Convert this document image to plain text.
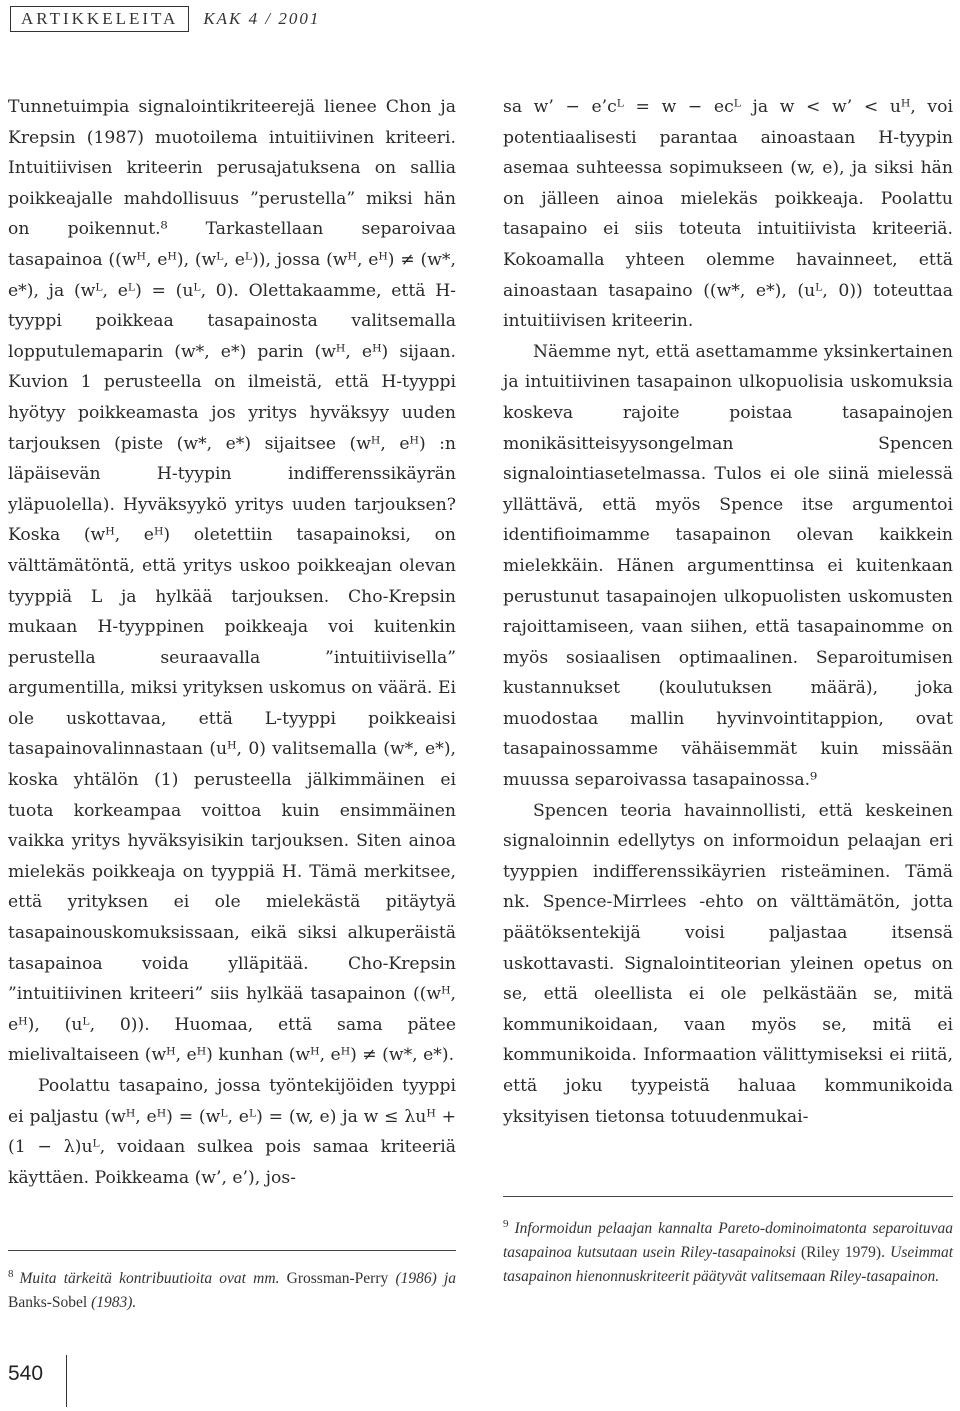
ARTIKKELEITA	KAK 4 / 2001

Tunnetuimpia signalointikriteerejä lienee Chon ja Krepsin (1987) muotoilema intuitiivinen kriteeri. Intuitiivisen kriteerin perusajatuksena on sallia poikkeajalle mahdollisuus ”perustella” miksi hän on poikennut.⁸ Tarkastellaan separoivaa tasapainoa ((wᴴ, eᴴ), (wᴸ, eᴸ)), jossa (wᴴ, eᴴ) ≠ (w*, e*), ja (wᴸ, eᴸ) = (uᴸ, 0). Olettakaamme, että H-tyyppi poikkeaa tasapainosta valitsemalla lopputulemaparin (w*, e*) parin (wᴴ, eᴴ) sijaan. Kuvion 1 perusteella on ilmeistä, että H-tyyppi hyötyy poikkeamasta jos yritys hyväksyy uuden tarjouksen (piste (w*, e*) sijaitsee (wᴴ, eᴴ) :n läpäisevän H-tyypin indifferenssikäyrän yläpuolella). Hyväksyykö yritys uuden tarjouksen? Koska (wᴴ, eᴴ) oletettiin tasapainoksi, on välttämätöntä, että yritys uskoo poikkeajan olevan tyyppiä L ja hylkää tarjouksen. Cho-Krepsin mukaan H-tyyppinen poikkeaja voi kuitenkin perustella seuraavalla ”intuitiivisella” argumentilla, miksi yrityksen uskomus on väärä. Ei ole uskottavaa, että L-tyyppi poikkeaisi tasapainovalinnastaan (uᴴ, 0) valitsemalla (w*, e*), koska yhtälön (1) perusteella jälkimmäinen ei tuota korkeampaa voittoa kuin ensimmäinen vaikka yritys hyväksyisikin tarjouksen. Siten ainoa mielekäs poikkeaja on tyyppiä H. Tämä merkitsee, että yrityksen ei ole mielekästä pitäytyä tasapainouskomuksissaan, eikä siksi alkuperäistä tasapainoa voida ylläpitää. Cho-Krepsin ”intuitiivinen kriteeri” siis hylkää tasapainon ((wᴴ, eᴴ), (uᴸ, 0)). Huomaa, että sama pätee mielivaltaiseen (wᴴ, eᴴ) kunhan (wᴴ, eᴴ) ≠ (w*, e*).

Poolattu tasapaino, jossa työntekijöiden tyyppi ei paljastu (wᴴ, eᴴ) = (wᴸ, eᴸ) = (w, e) ja w ≤ λuᴴ + (1 − λ)uᴸ, voidaan sulkea pois samaa kriteeriä käyttäen. Poikkeama (w’, e’), jos-

sa w’ − e’cᴸ = w − ecᴸ ja w < w’ < uᴴ, voi potentiaalisesti parantaa ainoastaan H-tyypin asemaa suhteessa sopimukseen (w, e), ja siksi hän on jälleen ainoa mielekäs poikkeaja. Poolattu tasapaino ei siis toteuta intuitiivista kriteeriä. Kokoamalla yhteen olemme havainneet, että ainoastaan tasapaino ((w*, e*), (uᴸ, 0)) toteuttaa intuitiivisen kriteerin.

Näemme nyt, että asettamamme yksinkertainen ja intuitiivinen tasapainon ulkopuolisia uskomuksia koskeva rajoite poistaa tasapainojen monikäsitteisyysongelman Spencen signalointiasetelmassa. Tulos ei ole siinä mielessä yllättävä, että myös Spence itse argumentoi identifioimamme tasapainon olevan kaikkein mielekkäin. Hänen argumenttinsa ei kuitenkaan perustunut tasapainojen ulkopuolisten uskomusten rajoittamiseen, vaan siihen, että tasapainomme on myös sosiaalisen optimaalinen. Separoitumisen kustannukset (koulutuksen määrä), joka muodostaa mallin hyvinvointitappion, ovat tasapainossamme vähäisemmät kuin missään muussa separoivassa tasapainossa.⁹

Spencen teoria havainnollisti, että keskeinen signaloinnin edellytys on informoidun pelaajan eri tyyppien indifferenssikäyrien risteäminen. Tämä nk. Spence-Mirrlees -ehto on välttämätön, jotta päätöksentekijä voisi paljastaa itsensä uskottavasti. Signalointiteorian yleinen opetus on se, että oleellista ei ole pelkästään se, mitä kommunikoidaan, vaan myös se, mitä ei kommunikoida. Informaation välittymiseksi ei riitä, että joku tyypeistä haluaa kommunikoida yksityisen tietonsa totuudenmukai-

$^8$ Muita tärkeitä kontribuutioita ovat mm. Grossman-Perry (1986) ja Banks-Sobel (1983).
$^9$ Informoidun pelaajan kannalta Pareto-dominoimatonta separoituvaa tasapainoa kutsutaan usein Riley-tasapainoksi (Riley 1979). Useimmat tasapainon hienonnuskriteerit päätyvät valitsemaan Riley-tasapainon.
540
